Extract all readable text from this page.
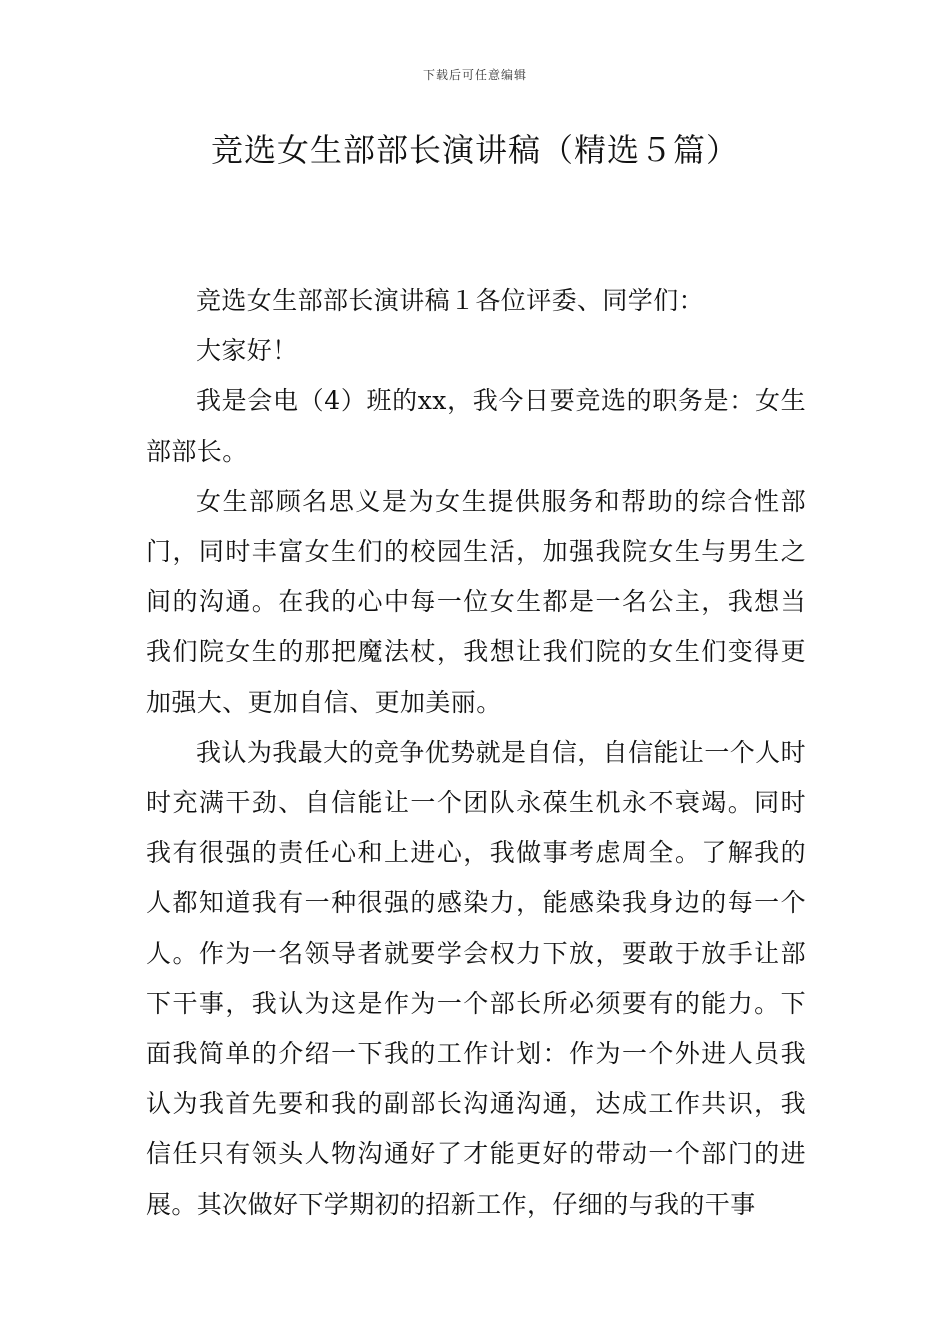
下载后可任意编辑
竞选女生部部长演讲稿（精选５篇）

竞选女生部部长演讲稿１各位评委、同学们：

大家好！

我是会电（4）班的xx，我今日要竞选的职务是：女生部部长。

女生部顾名思义是为女生提供服务和帮助的综合性部门，同时丰富女生们的校园生活，加强我院女生与男生之间的沟通。在我的心中每一位女生都是一名公主，我想当我们院女生的那把魔法杖，我想让我们院的女生们变得更加强大、更加自信、更加美丽。

我认为我最大的竞争优势就是自信，自信能让一个人时时充满干劲、自信能让一个团队永葆生机永不衰竭。同时我有很强的责任心和上进心，我做事考虑周全。了解我的人都知道我有一种很强的感染力，能感染我身边的每一个人。作为一名领导者就要学会权力下放，要敢于放手让部下干事，我认为这是作为一个部长所必须要有的能力。下面我简单的介绍一下我的工作计划：作为一个外进人员我认为我首先要和我的副部长沟通沟通，达成工作共识，我信任只有领头人物沟通好了才能更好的带动一个部门的进展。其次做好下学期初的招新工作，仔细的与我的干事
